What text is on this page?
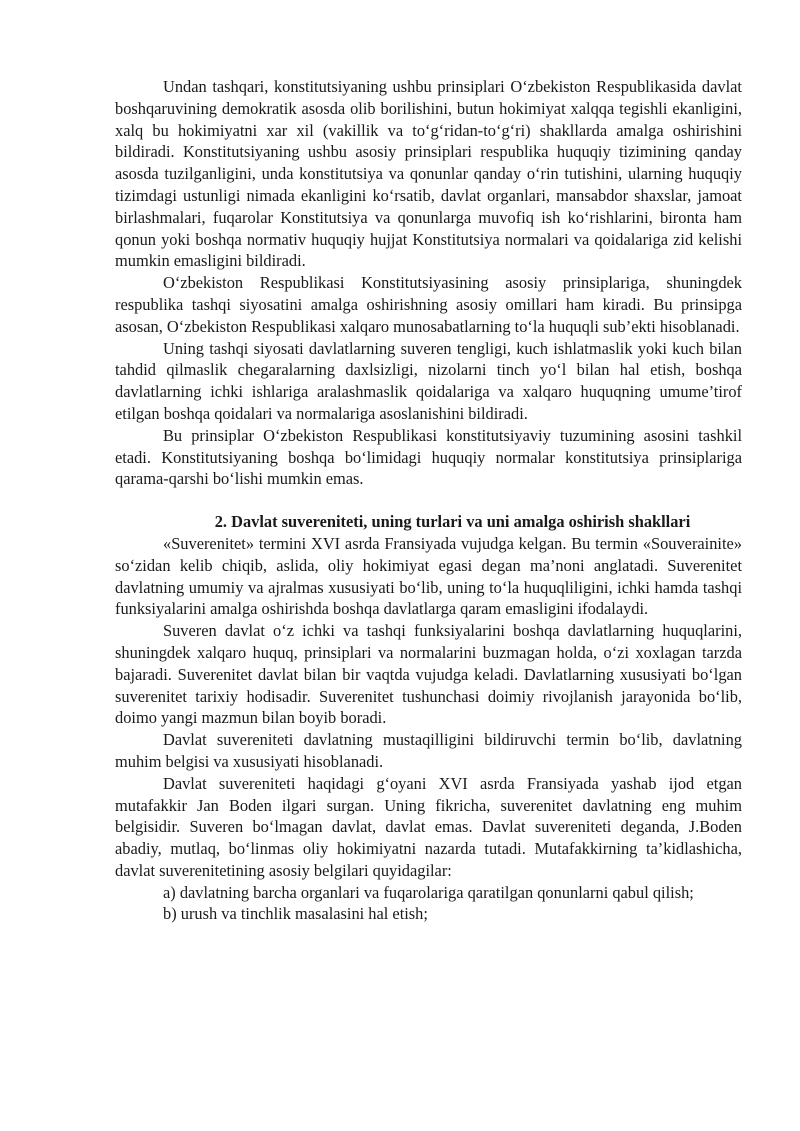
Undan tashqari, konstitutsiyaning ushbu prinsiplari O‘zbekiston Respublikasida davlat boshqaruvining demokratik asosda olib borilishini, butun hokimiyat xalqqa tegishli ekanligini, xalq bu hokimiyatni xar xil (vakillik va to‘g‘ridan-to‘g‘ri) shakllarda amalga oshirishini bildiradi. Konstitutsiyaning ushbu asosiy prinsiplari respublika huquqiy tizimining qanday asosda tuzilganligini, unda konstitutsiya va qonunlar qanday o‘rin tutishini, ularning huquqiy tizimdagi ustunligi nimada ekanligini ko‘rsatib, davlat organlari, mansabdor shaxslar, jamoat birlashmalari, fuqarolar Konstitutsiya va qonunlarga muvofiq ish ko‘rishlarini, bironta ham qonun yoki boshqa normativ huquqiy hujjat Konstitutsiya normalari va qoidalariga zid kelishi mumkin emasligini bildiradi.

O‘zbekiston Respublikasi Konstitutsiyasining asosiy prinsiplariga, shuningdek respublika tashqi siyosatini amalga oshirishning asosiy omillari ham kiradi. Bu prinsipga asosan, O‘zbekiston Respublikasi xalqaro munosabatlarning to‘la huquqli sub’ekti hisoblanadi.

Uning tashqi siyosati davlatlarning suveren tengligi, kuch ishlatmaslik yoki kuch bilan tahdid qilmaslik chegaralarning daxlsizligi, nizolarni tinch yo‘l bilan hal etish, boshqa davlatlarning ichki ishlariga aralashmaslik qoidalariga va xalqaro huquqning umume’tirof etilgan boshqa qoidalari va normalariga asoslanishini bildiradi.

Bu prinsiplar O‘zbekiston Respublikasi konstitutsiyaviy tuzumining asosini tashkil etadi. Konstitutsiyaning boshqa bo‘limidagi huquqiy normalar konstitutsiya prinsiplariga qarama-qarshi bo‘lishi mumkin emas.

2. Davlat suvereniteti, uning turlari va uni amalga oshirish shakllari

«Suverenitet» termini XVI asrda Fransiyada vujudga kelgan. Bu termin «Souverainite» so‘zidan kelib chiqib, aslida, oliy hokimiyat egasi degan ma’noni anglatadi. Suverenitet davlatning umumiy va ajralmas xususiyati bo‘lib, uning to‘la huquqliligini, ichki hamda tashqi funksiyalarini amalga oshirishda boshqa davlatlarga qaram emasligini ifodalaydi.

Suveren davlat o‘z ichki va tashqi funksiyalarini boshqa davlatlarning huquqlarini, shuningdek xalqaro huquq, prinsiplari va normalarini buzmagan holda, o‘zi xoxlagan tarzda bajaradi. Suverenitet davlat bilan bir vaqtda vujudga keladi. Davlatlarning xususiyati bo‘lgan suverenitet tarixiy hodisadir. Suverenitet tushunchasi doimiy rivojlanish jarayonida bo‘lib, doimo yangi mazmun bilan boyib boradi.

Davlat suvereniteti davlatning mustaqilligini bildiruvchi termin bo‘lib, davlatning muhim belgisi va xususiyati hisoblanadi.

Davlat suvereniteti haqidagi g‘oyani XVI asrda Fransiyada yashab ijod etgan mutafakkir Jan Boden ilgari surgan. Uning fikricha, suverenitet davlatning eng muhim belgisidir. Suveren bo‘lmagan davlat, davlat emas. Davlat suvereniteti deganda, J.Boden abadiy, mutlaq, bo‘linmas oliy hokimiyatni nazarda tutadi. Mutafakkirning ta’kidlashicha, davlat suverenitetining asosiy belgilari quyidagilar:

a) davlatning barcha organlari va fuqarolariga qaratilgan qonunlarni qabul qilish;

b) urush va tinchlik masalasini hal etish;
